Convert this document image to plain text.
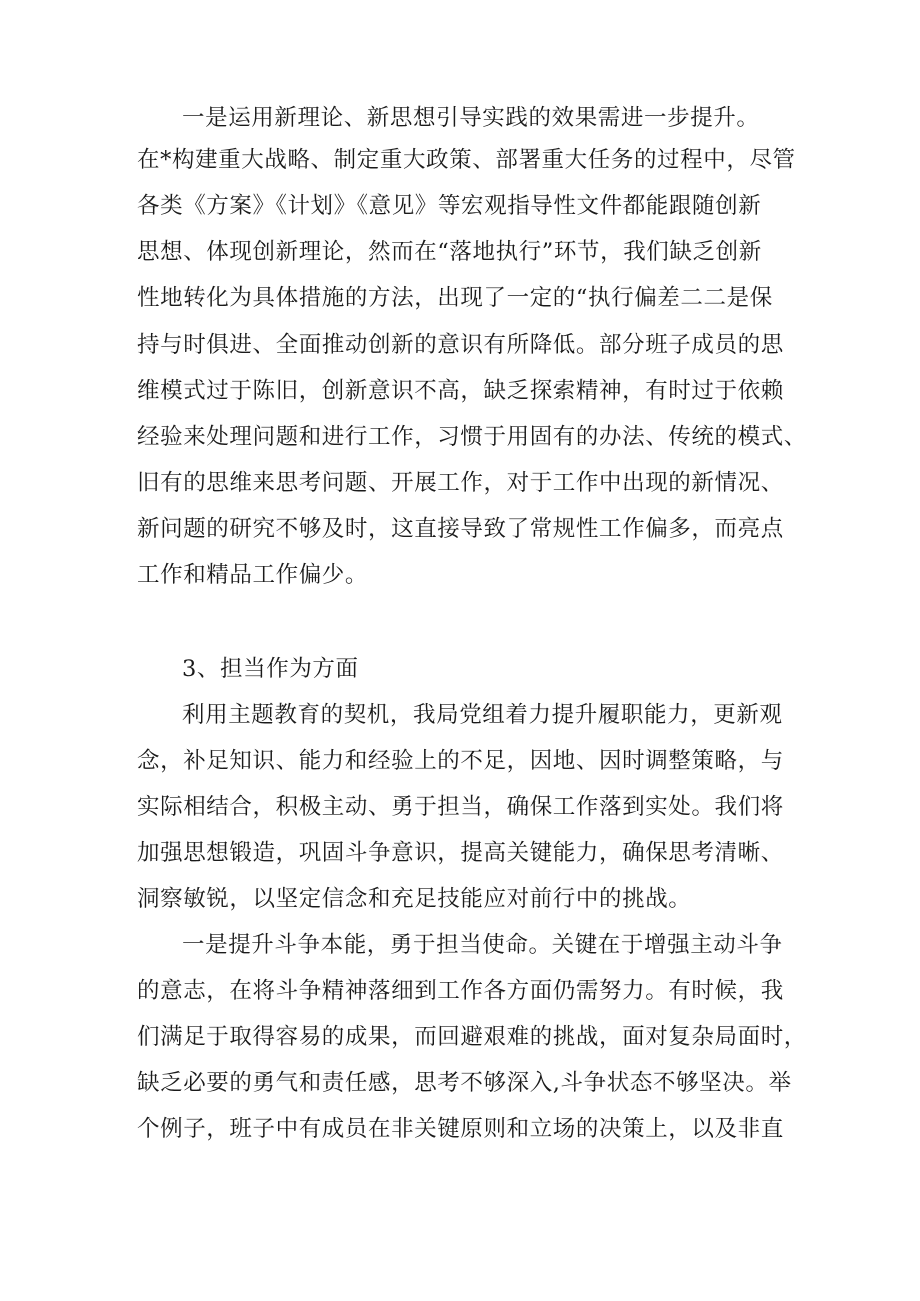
一是运用新理论、新思想引导实践的效果需进一步提升。
在*构建重大战略、制定重大政策、部署重大任务的过程中，尽管
各类《方案》《计划》《意见》等宏观指导性文件都能跟随创新
思想、体现创新理论，然而在“落地执行”环节，我们缺乏创新
性地转化为具体措施的方法，出现了一定的“执行偏差二二是保
持与时俱进、全面推动创新的意识有所降低。部分班子成员的思
维模式过于陈旧，创新意识不高，缺乏探索精神，有时过于依赖
经验来处理问题和进行工作，习惯于用固有的办法、传统的模式、
旧有的思维来思考问题、开展工作，对于工作中出现的新情况、
新问题的研究不够及时，这直接导致了常规性工作偏多，而亮点
工作和精品工作偏少。
3、担当作为方面
利用主题教育的契机，我局党组着力提升履职能力，更新观
念，补足知识、能力和经验上的不足，因地、因时调整策略，与
实际相结合，积极主动、勇于担当，确保工作落到实处。我们将
加强思想锻造，巩固斗争意识，提高关键能力，确保思考清晰、
洞察敏锐，以坚定信念和充足技能应对前行中的挑战。
一是提升斗争本能，勇于担当使命。关键在于增强主动斗争
的意志，在将斗争精神落细到工作各方面仍需努力。有时候，我
们满足于取得容易的成果，而回避艰难的挑战，面对复杂局面时，
缺乏必要的勇气和责任感，思考不够深入,斗争状态不够坚决。举
个例子，班子中有成员在非关键原则和立场的决策上，以及非直
